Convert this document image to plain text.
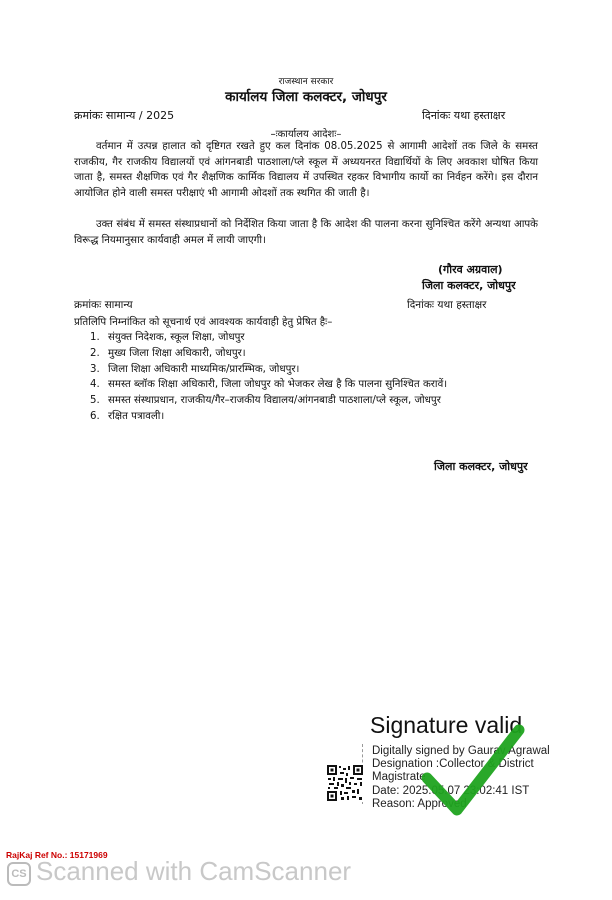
राजस्थान सरकार
कार्यालय जिला कलक्टर, जोधपुर
क्रमांकः सामान्य / 2025	दिनांकः यथा हस्ताक्षर
–ःकार्यालय आदेशः–

वर्तमान में उत्पन्न हालात को दृष्टिगत रखते हुए कल दिनांक 08.05.2025 से आगामी आदेशों तक जिले के समस्त राजकीय, गैर राजकीय विद्यालयों एवं आंगनबाडी पाठशाला/प्ले स्कूल में अध्ययनरत विद्यार्थियों के लिए अवकाश घोषित किया जाता है, समस्त शैक्षणिक एवं गैर शैक्षणिक कार्मिक विद्यालय में उपस्थित रहकर विभागीय कार्यो का निर्वहन करेंगे। इस दौरान आयोजित होने वाली समस्त परीक्षाएं भी आगामी ओदशों तक स्थगित की जाती है।

उक्त संबंध में समस्त संस्थाप्रधानों को निर्देशित किया जाता है कि आदेश की पालना करना सुनिश्चित करेंगे अन्यथा आपके विरूद्ध नियमानुसार कार्यवाही अमल में लायी जाएगी।

(गौरव अग्रवाल)
जिला कलक्टर, जोधपुर
क्रमांकः सामान्य	दिनांकः यथा हस्ताक्षर
प्रतिलिपि निम्नांकित को सूचनार्थ एवं आवश्यक कार्यवाही हेतु प्रेषित हैः–
1. संयुक्त निदेशक, स्कूल शिक्षा, जोधपुर
2. मुख्य जिला शिक्षा अधिकारी, जोधपुर।
3. जिला शिक्षा अधिकारी माध्यमिक/प्रारम्भिक, जोधपुर।
4. समस्त ब्लॉक शिक्षा अधिकारी, जिला जोधपुर को भेजकर लेख है कि पालना सुनिश्चित करावें।
5. समस्त संस्थाप्रधान, राजकीय/गैर–राजकीय विद्यालय/आंगनबाडी पाठशाला/प्ले स्कूल, जोधपुर
6. रक्षित पत्रावली।
जिला कलक्टर, जोधपुर
Signature valid
Digitally signed by Gaurav Agrawal
Designation :Collector & District
Magistrate
Date: 2025.05.07 23:02:41 IST
Reason: Approved
RajKaj Ref No.: 15171969
CS Scanned with CamScanner
